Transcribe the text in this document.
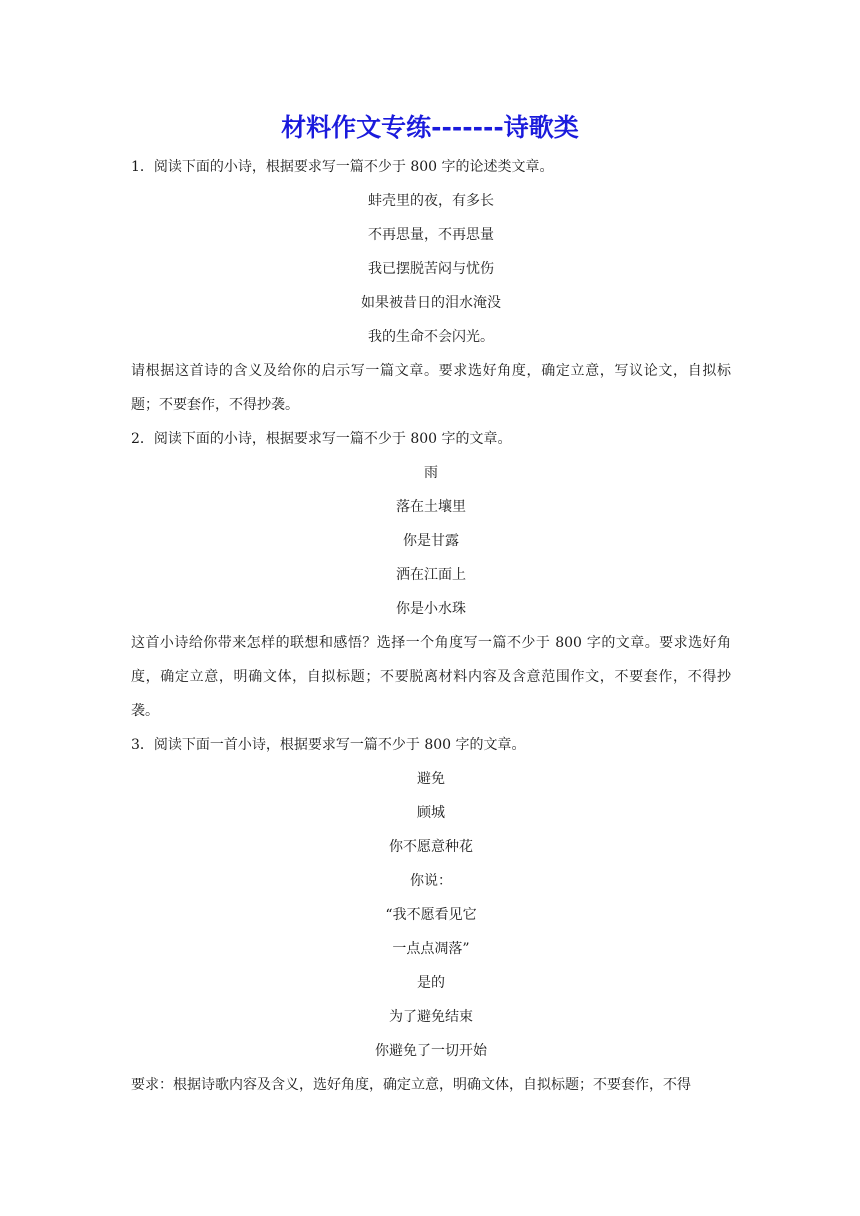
材料作文专练-------诗歌类
1．阅读下面的小诗，根据要求写一篇不少于 800 字的论述类文章。
蚌壳里的夜，有多长
不再思量，不再思量
我已摆脱苦闷与忧伤
如果被昔日的泪水淹没
我的生命不会闪光。
请根据这首诗的含义及给你的启示写一篇文章。要求选好角度，确定立意，写议论文，自拟标题；不要套作，不得抄袭。
2．阅读下面的小诗，根据要求写一篇不少于 800 字的文章。
雨
落在土壤里
你是甘露
洒在江面上
你是小水珠
这首小诗给你带来怎样的联想和感悟？选择一个角度写一篇不少于 800 字的文章。要求选好角度，确定立意，明确文体，自拟标题；不要脱离材料内容及含意范围作文，不要套作，不得抄袭。
3．阅读下面一首小诗，根据要求写一篇不少于 800 字的文章。
避免
顾城
你不愿意种花
你说：
“我不愿看见它
一点点凋落”
是的
为了避免结束
你避免了一切开始
要求：根据诗歌内容及含义，选好角度，确定立意，明确文体，自拟标题；不要套作，不得
